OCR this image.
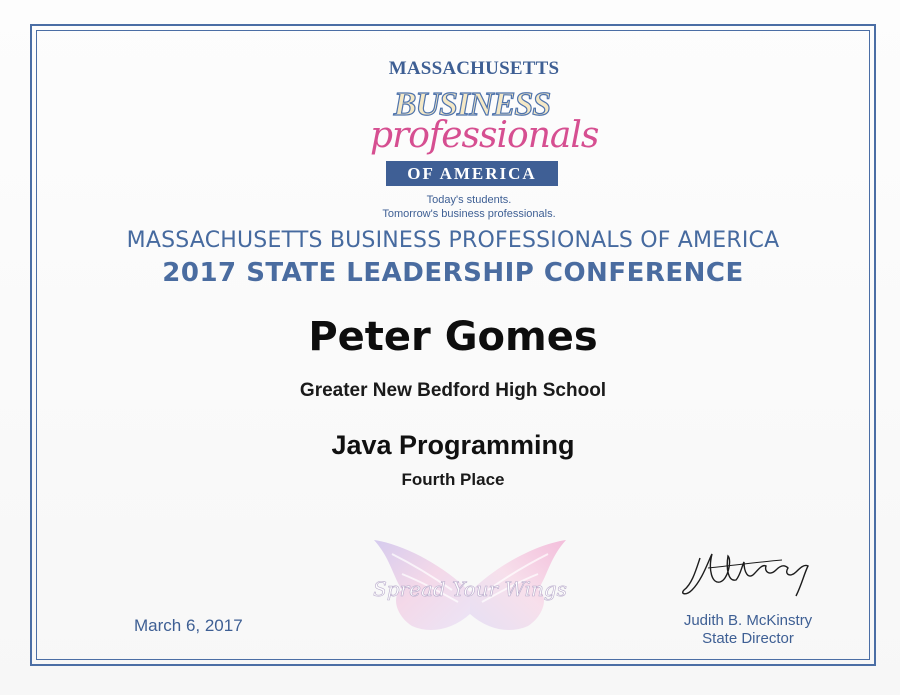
MASSACHUSETTS
BUSINESS
professionals
OF AMERICA
Today's students.
Tomorrow's business professionals.
MASSACHUSETTS BUSINESS PROFESSIONALS OF AMERICA
2017 STATE LEADERSHIP CONFERENCE
Peter Gomes
Greater New Bedford High School
Java Programming
Fourth Place
Spread Your Wings
March 6, 2017	Judith B. McKinstry
State Director
